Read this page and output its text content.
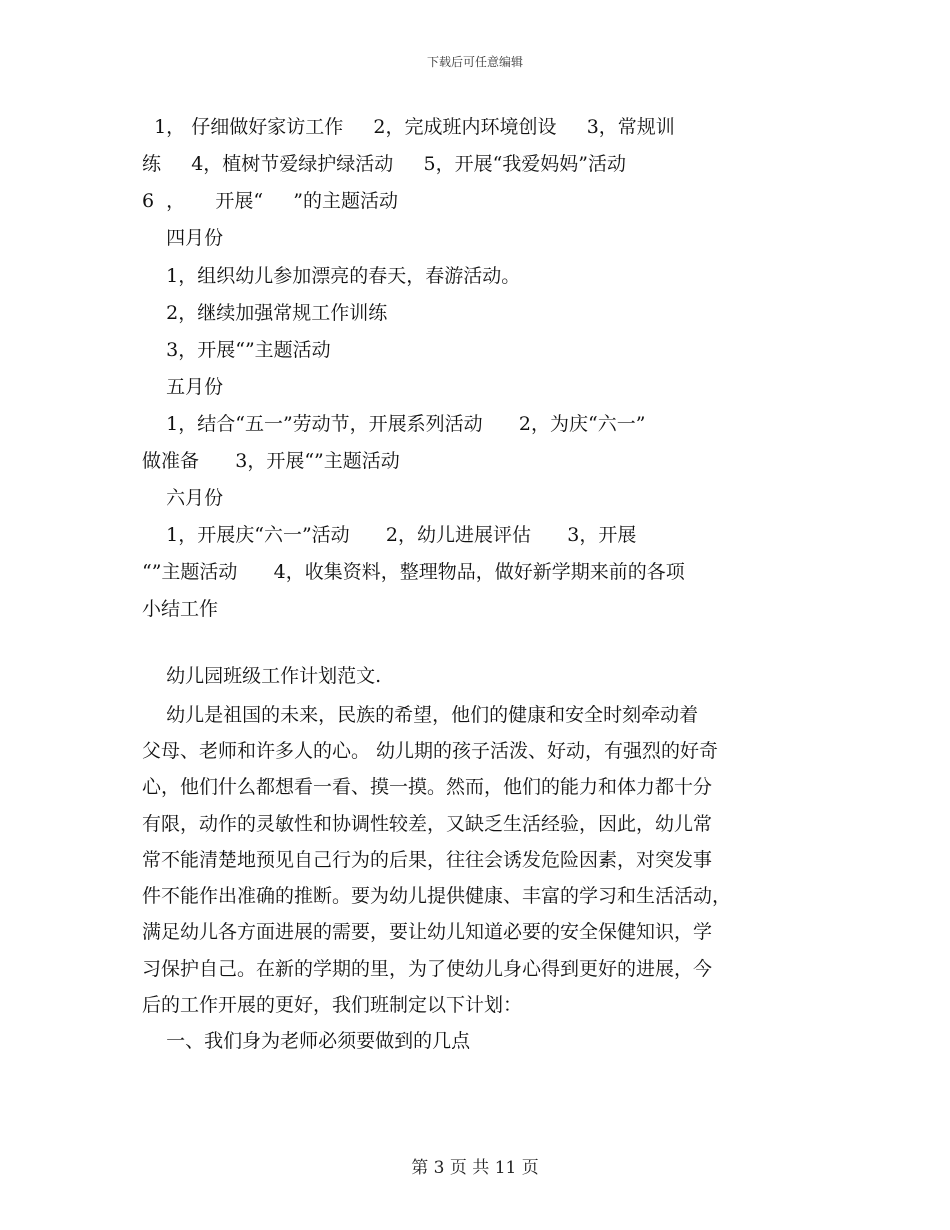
下载后可任意编辑
1， 仔细做好家访工作     2，完成班内环境创设     3，常规训
练     4，植树节爱绿护绿活动     5，开展“我爱妈妈”活动
6  ，     开展“     ”的主题活动
四月份
1，组织幼儿参加漂亮的春天，春游活动。
2，继续加强常规工作训练
3，开展“”主题活动
五月份
1，结合“五一”劳动节，开展系列活动      2，为庆“六一”
做准备      3，开展“”主题活动
六月份
1，开展庆“六一”活动      2，幼儿进展评估      3，开展
“”主题活动      4，收集资料，整理物品，做好新学期来前的各项
小结工作
幼儿园班级工作计划范文.
幼儿是祖国的未来，民族的希望，他们的健康和安全时刻牵动着
父母、老师和许多人的心。 幼儿期的孩子活泼、好动，有强烈的好奇
心，他们什么都想看一看、摸一摸。然而，他们的能力和体力都十分
有限，动作的灵敏性和协调性较差，又缺乏生活经验，因此，幼儿常
常不能清楚地预见自己行为的后果，往往会诱发危险因素，对突发事
件不能作出准确的推断。要为幼儿提供健康、丰富的学习和生活活动，
满足幼儿各方面进展的需要，要让幼儿知道必要的安全保健知识，学
习保护自己。在新的学期的里，为了使幼儿身心得到更好的进展，今
后的工作开展的更好，我们班制定以下计划：
一、我们身为老师必须要做到的几点
第 3 页 共 11 页
